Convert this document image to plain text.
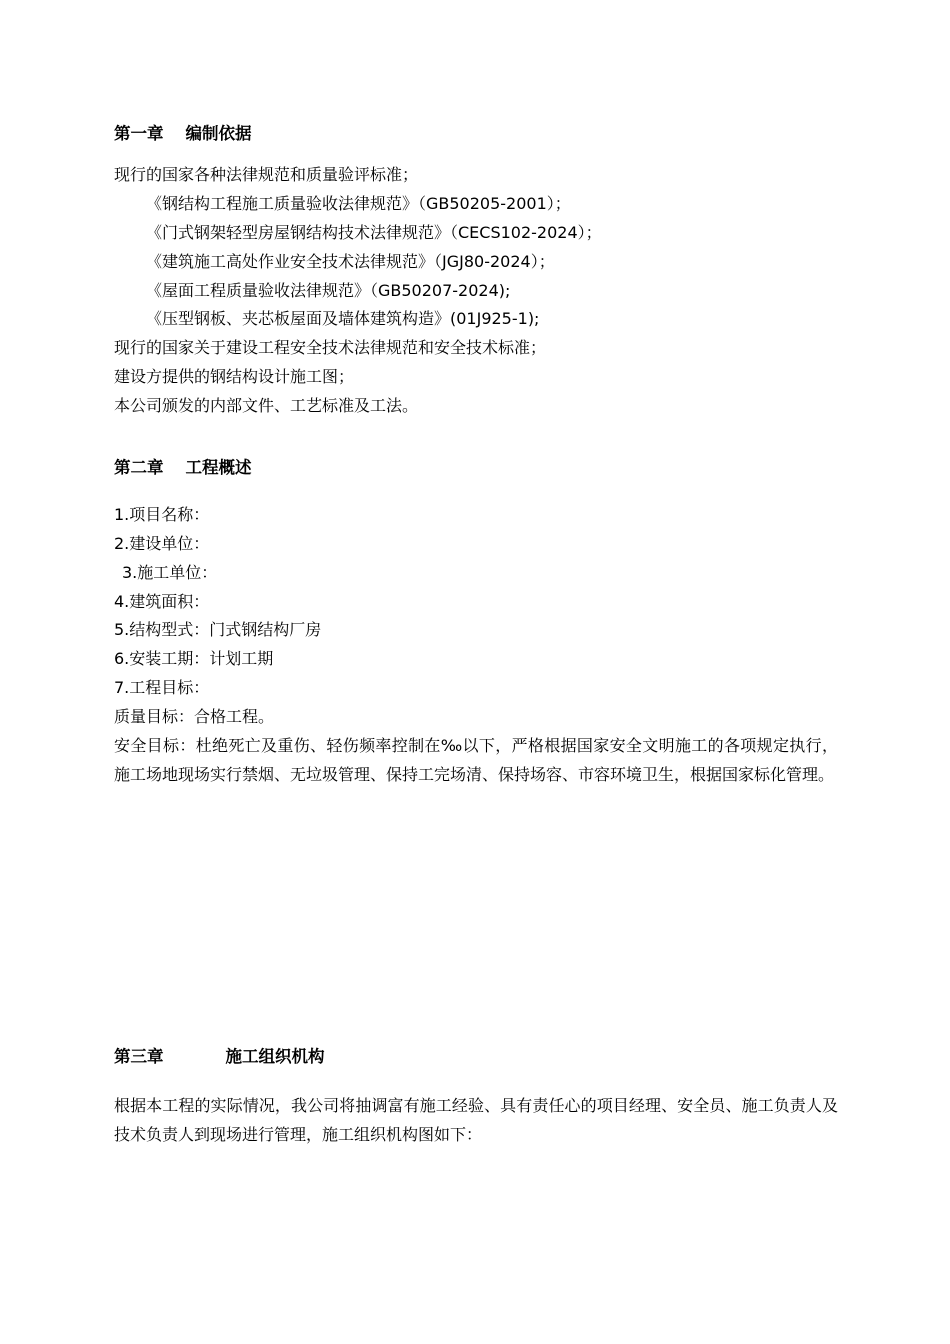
第一章 编制依据
现行的国家各种法律规范和质量验评标准；
《钢结构工程施工质量验收法律规范》（GB50205-2001）；
《门式钢架轻型房屋钢结构技术法律规范》（CECS102-2024）；
《建筑施工高处作业安全技术法律规范》（JGJ80-2024）；
《屋面工程质量验收法律规范》（GB50207-2024);
《压型钢板、夹芯板屋面及墙体建筑构造》(01J925-1);
现行的国家关于建设工程安全技术法律规范和安全技术标准；
建设方提供的钢结构设计施工图；
本公司颁发的内部文件、工艺标准及工法。
第二章 工程概述
1.项目名称：
2.建设单位：
3.施工单位：
4.建筑面积：
5.结构型式：门式钢结构厂房
6.安装工期：计划工期
7.工程目标：
质量目标：合格工程。
安全目标：杜绝死亡及重伤、轻伤频率控制在‰以下，严格根据国家安全文明施工的各项规定执行，施工场地现场实行禁烟、无垃圾管理、保持工完场清、保持场容、市容环境卫生，根据国家标化管理。
第三章	施工组织机构
根据本工程的实际情况，我公司将抽调富有施工经验、具有责任心的项目经理、安全员、施工负责人及技术负责人到现场进行管理，施工组织机构图如下：
